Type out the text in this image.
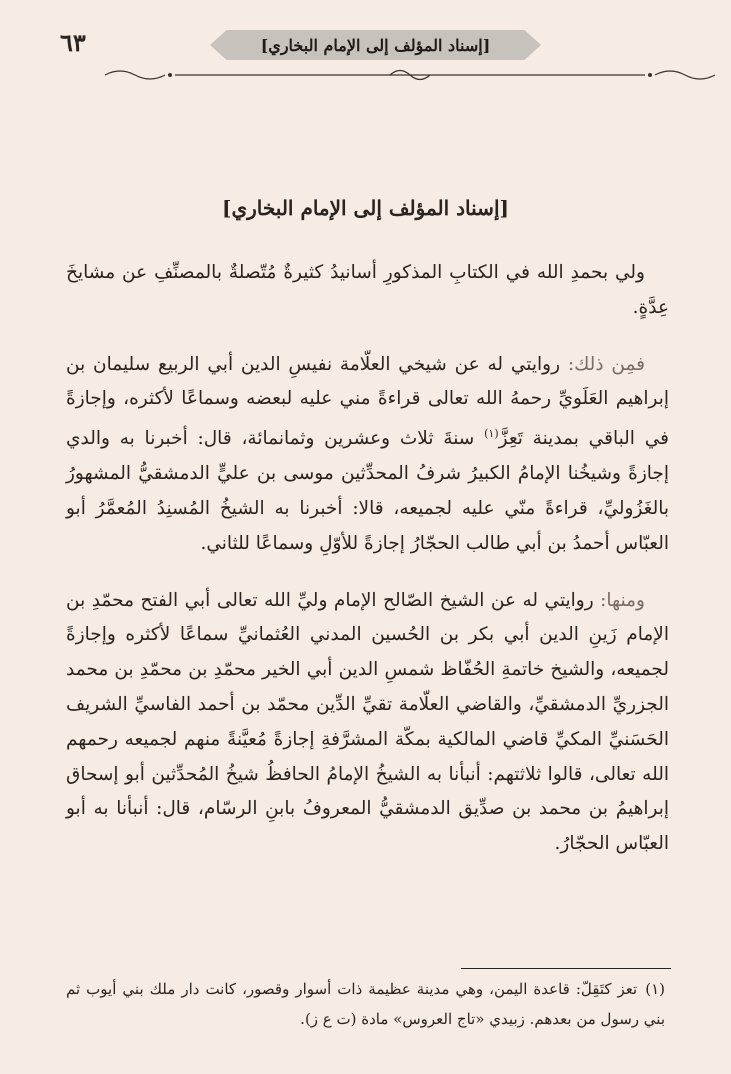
٦٣	[إسناد المؤلف إلى الإمام البخاري]
[إسناد المؤلف إلى الإمام البخاري]

ولي بحمدِ الله في الكتابِ المذكورِ أسانيدُ كثيرةٌ مُتّصلةٌ بالمصنِّفِ عن مشايخَ عِدَّةٍ.

فمِن ذلك: روايتي له عن شيخي العلّامة نفيسِ الدين أبي الربيع سليمان بن إبراهيم العَلَويِّ رحمهُ الله تعالى قراءةً مني عليه لبعضه وسماعًا لأكثره، وإجازةً في الباقي بمدينة تَعِزَّ$^{(١)}$ سنةَ ثلاث وعشرين وثمانمائة، قال: أخبرنا به والدي إجازةً وشيخُنا الإمامُ الكبيرُ شرفُ المحدِّثين موسى بن عليٍّ الدمشقيُّ المشهورُ بالغَزُوليِّ، قراءةً منّي عليه لجميعه، قالا: أخبرنا به الشيخُ المُسنِدُ المُعمَّرُ أبو العبّاس أحمدُ بن أبي طالب الحجّارُ إجازةً للأوّلِ وسماعًا للثاني.

ومنها: روايتي له عن الشيخ الصّالح الإمام وليِّ الله تعالى أبي الفتح محمّدِ بن الإمام زَينِ الدين أبي بكر بن الحُسين المدني العُثمانيِّ سماعًا لأكثره وإجازةً لجميعه، والشيخ خاتمةِ الحُفّاظ شمسِ الدين أبي الخير محمّدِ بن محمّدِ بن محمد الجزريِّ الدمشقيِّ، والقاضي العلّامة تقيِّ الدِّين محمّد بن أحمد الفاسيِّ الشريف الحَسَنيِّ المكيِّ قاضي المالكية بمكّة المشرَّفةِ إجازةً مُعيَّنةً منهم لجميعه رحمهم الله تعالى، قالوا ثلاثتهم: أنبأنا به الشيخُ الإمامُ الحافظُ شيخُ المُحدِّثين أبو إسحاق إبراهيمُ بن محمد بن صدِّيق الدمشقيُّ المعروفُ بابنِ الرسّام، قال: أنبأنا به أبو العبّاس الحجّارُ.

(١)تعز كتَقِلّ: قاعدة اليمن، وهي مدينة عظيمة ذات أسوار وقصور، كانت دار ملك بني أيوب ثم بني رسول من بعدهم. زبيدي «تاج العروس» مادة (ت ع ز).
